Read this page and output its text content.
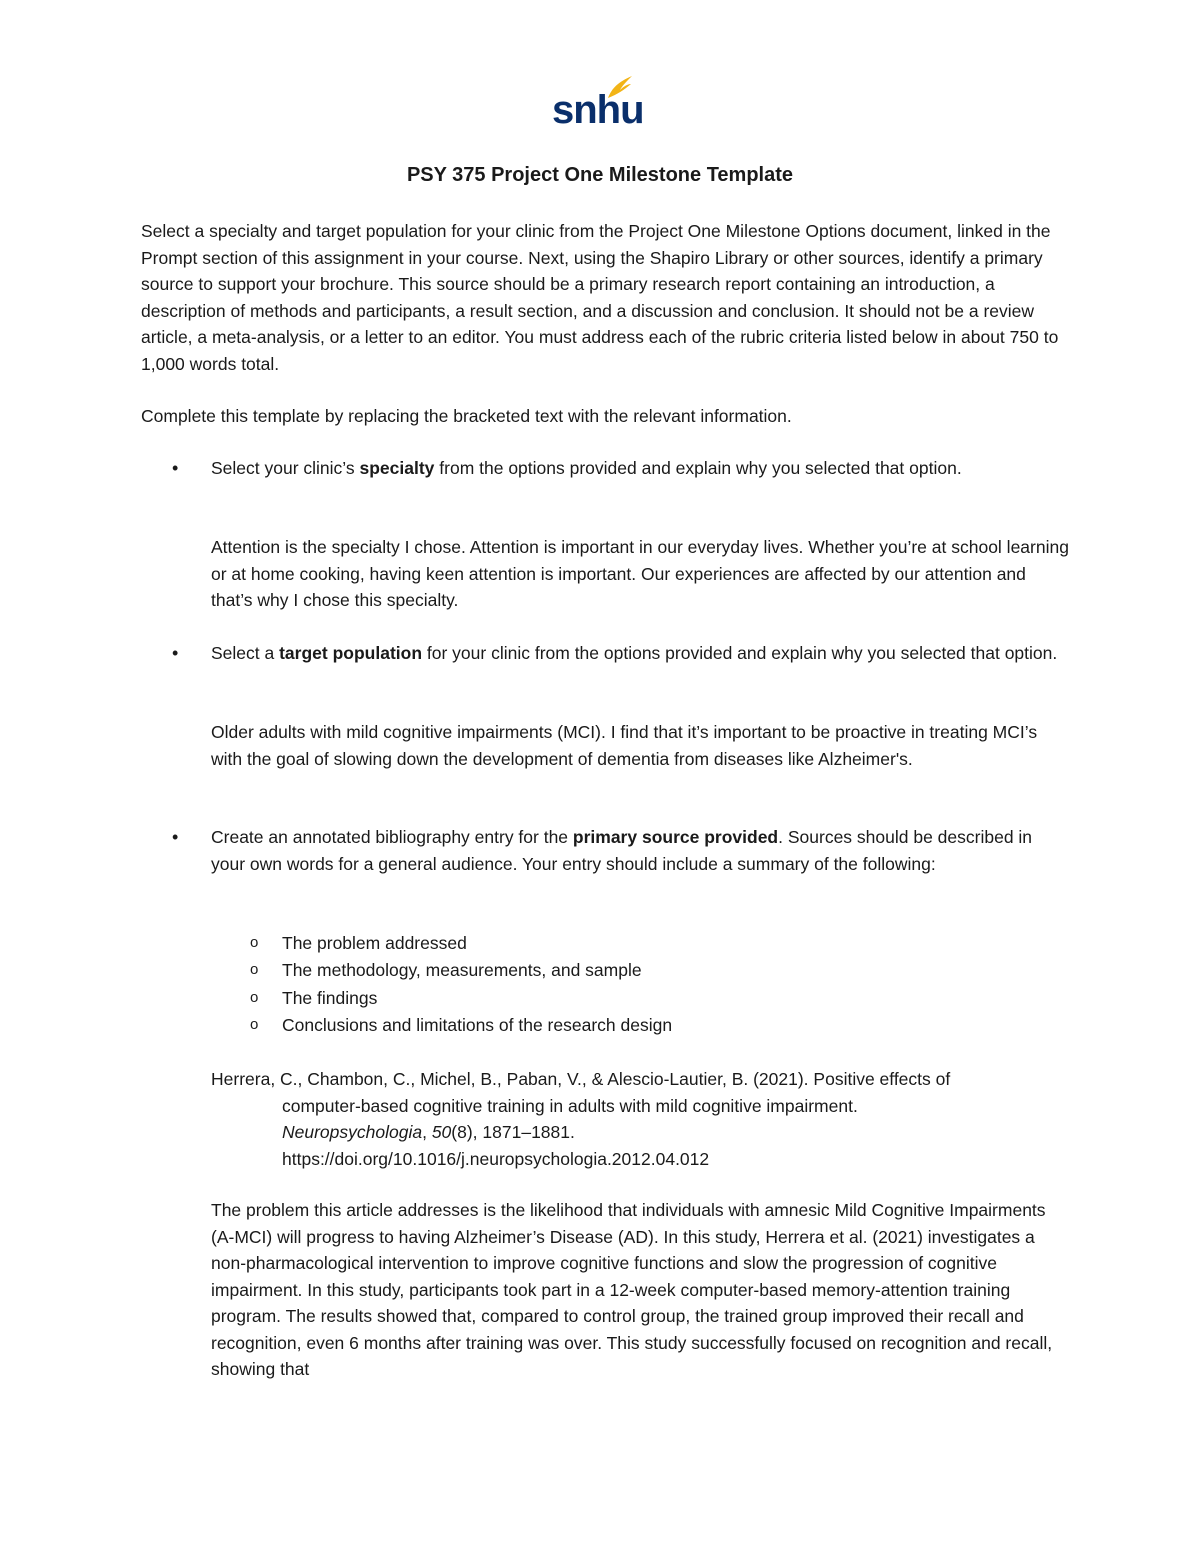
snhu
PSY 375 Project One Milestone Template

Select a specialty and target population for your clinic from the Project One Milestone Options document, linked in the Prompt section of this assignment in your course. Next, using the Shapiro Library or other sources, identify a primary source to support your brochure. This source should be a primary research report containing an introduction, a description of methods and participants, a result section, and a discussion and conclusion. It should not be a review article, a meta-analysis, or a letter to an editor. You must address each of the rubric criteria listed below in about 750 to 1,000 words total.

Complete this template by replacing the bracketed text with the relevant information.

• Select your clinic’s specialty from the options provided and explain why you selected that option.

Attention is the specialty I chose. Attention is important in our everyday lives. Whether you’re at school learning or at home cooking, having keen attention is important. Our experiences are affected by our attention and that’s why I chose this specialty.

• Select a target population for your clinic from the options provided and explain why you selected that option.

Older adults with mild cognitive impairments (MCI). I find that it’s important to be proactive in treating MCI’s with the goal of slowing down the development of dementia from diseases like Alzheimer's.

• Create an annotated bibliography entry for the primary source provided. Sources should be described in your own words for a general audience. Your entry should include a summary of the following:

o The problem addressed
o The methodology, measurements, and sample
o The findings
o Conclusions and limitations of the research design
Herrera, C., Chambon, C., Michel, B., Paban, V., & Alescio-Lautier, B. (2021). Positive effects of
computer-based cognitive training in adults with mild cognitive impairment.
Neuropsychologia, 50(8), 1871–1881.
https://doi.org/10.1016/j.neuropsychologia.2012.04.012

The problem this article addresses is the likelihood that individuals with amnesic Mild Cognitive Impairments (A-MCI) will progress to having Alzheimer’s Disease (AD). In this study, Herrera et al. (2021) investigates a non-pharmacological intervention to improve cognitive functions and slow the progression of cognitive impairment. In this study, participants took part in a 12-week computer-based memory-attention training program. The results showed that, compared to control group, the trained group improved their recall and recognition, even 6 months after training was over. This study successfully focused on recognition and recall, showing that
